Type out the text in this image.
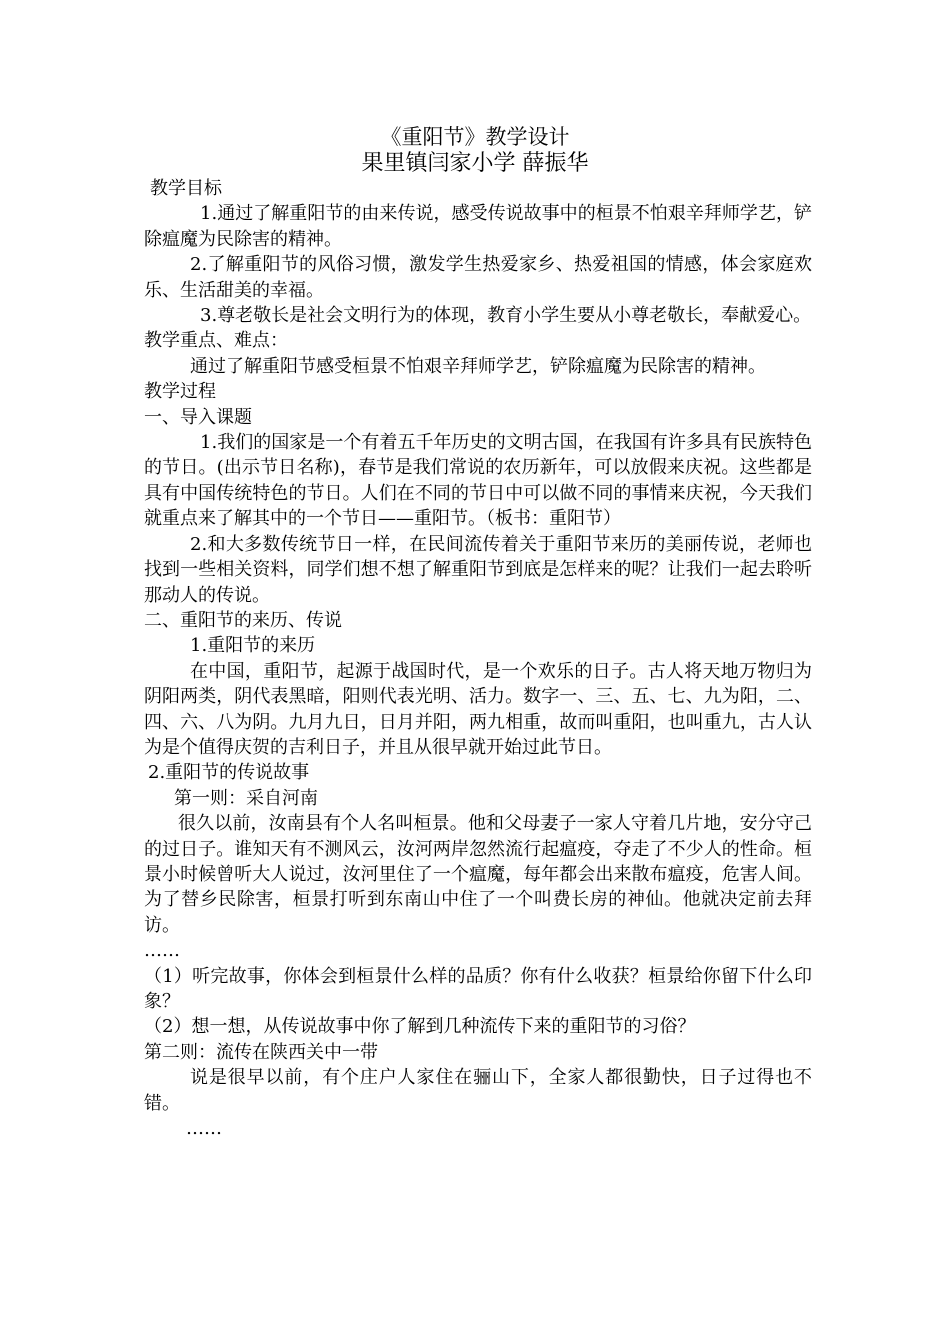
《重阳节》教学设计
果里镇闫家小学 薛振华

教学目标

1.通过了解重阳节的由来传说，感受传说故事中的桓景不怕艰辛拜师学艺，铲除瘟魔为民除害的精神。

2.了解重阳节的风俗习惯，激发学生热爱家乡、热爱祖国的情感，体会家庭欢乐、生活甜美的幸福。

3.尊老敬长是社会文明行为的体现，教育小学生要从小尊老敬长，奉献爱心。

教学重点、难点：

通过了解重阳节感受桓景不怕艰辛拜师学艺，铲除瘟魔为民除害的精神。

教学过程

一、导入课题

1.我们的国家是一个有着五千年历史的文明古国，在我国有许多具有民族特色的节日。(出示节日名称)，春节是我们常说的农历新年，可以放假来庆祝。这些都是具有中国传统特色的节日。人们在不同的节日中可以做不同的事情来庆祝，今天我们就重点来了解其中的一个节日——重阳节。（板书：重阳节）

2.和大多数传统节日一样，在民间流传着关于重阳节来历的美丽传说，老师也找到一些相关资料，同学们想不想了解重阳节到底是怎样来的呢？让我们一起去聆听那动人的传说。

二、重阳节的来历、传说

1.重阳节的来历

在中国，重阳节，起源于战国时代，是一个欢乐的日子。古人将天地万物归为阴阳两类，阴代表黑暗，阳则代表光明、活力。数字一、三、五、七、九为阳，二、四、六、八为阴。九月九日，日月并阳，两九相重，故而叫重阳，也叫重九，古人认为是个值得庆贺的吉利日子，并且从很早就开始过此节日。

2.重阳节的传说故事

第一则：采自河南

很久以前，汝南县有个人名叫桓景。他和父母妻子一家人守着几片地，安分守己的过日子。谁知天有不测风云，汝河两岸忽然流行起瘟疫，夺走了不少人的性命。桓景小时候曾听大人说过，汝河里住了一个瘟魔，每年都会出来散布瘟疫，危害人间。为了替乡民除害，桓景打听到东南山中住了一个叫费长房的神仙。他就决定前去拜访。

……

（1）听完故事，你体会到桓景什么样的品质？你有什么收获？桓景给你留下什么印象？

（2）想一想，从传说故事中你了解到几种流传下来的重阳节的习俗？

第二则：流传在陕西关中一带

说是很早以前，有个庄户人家住在骊山下，全家人都很勤快，日子过得也不错。

……
